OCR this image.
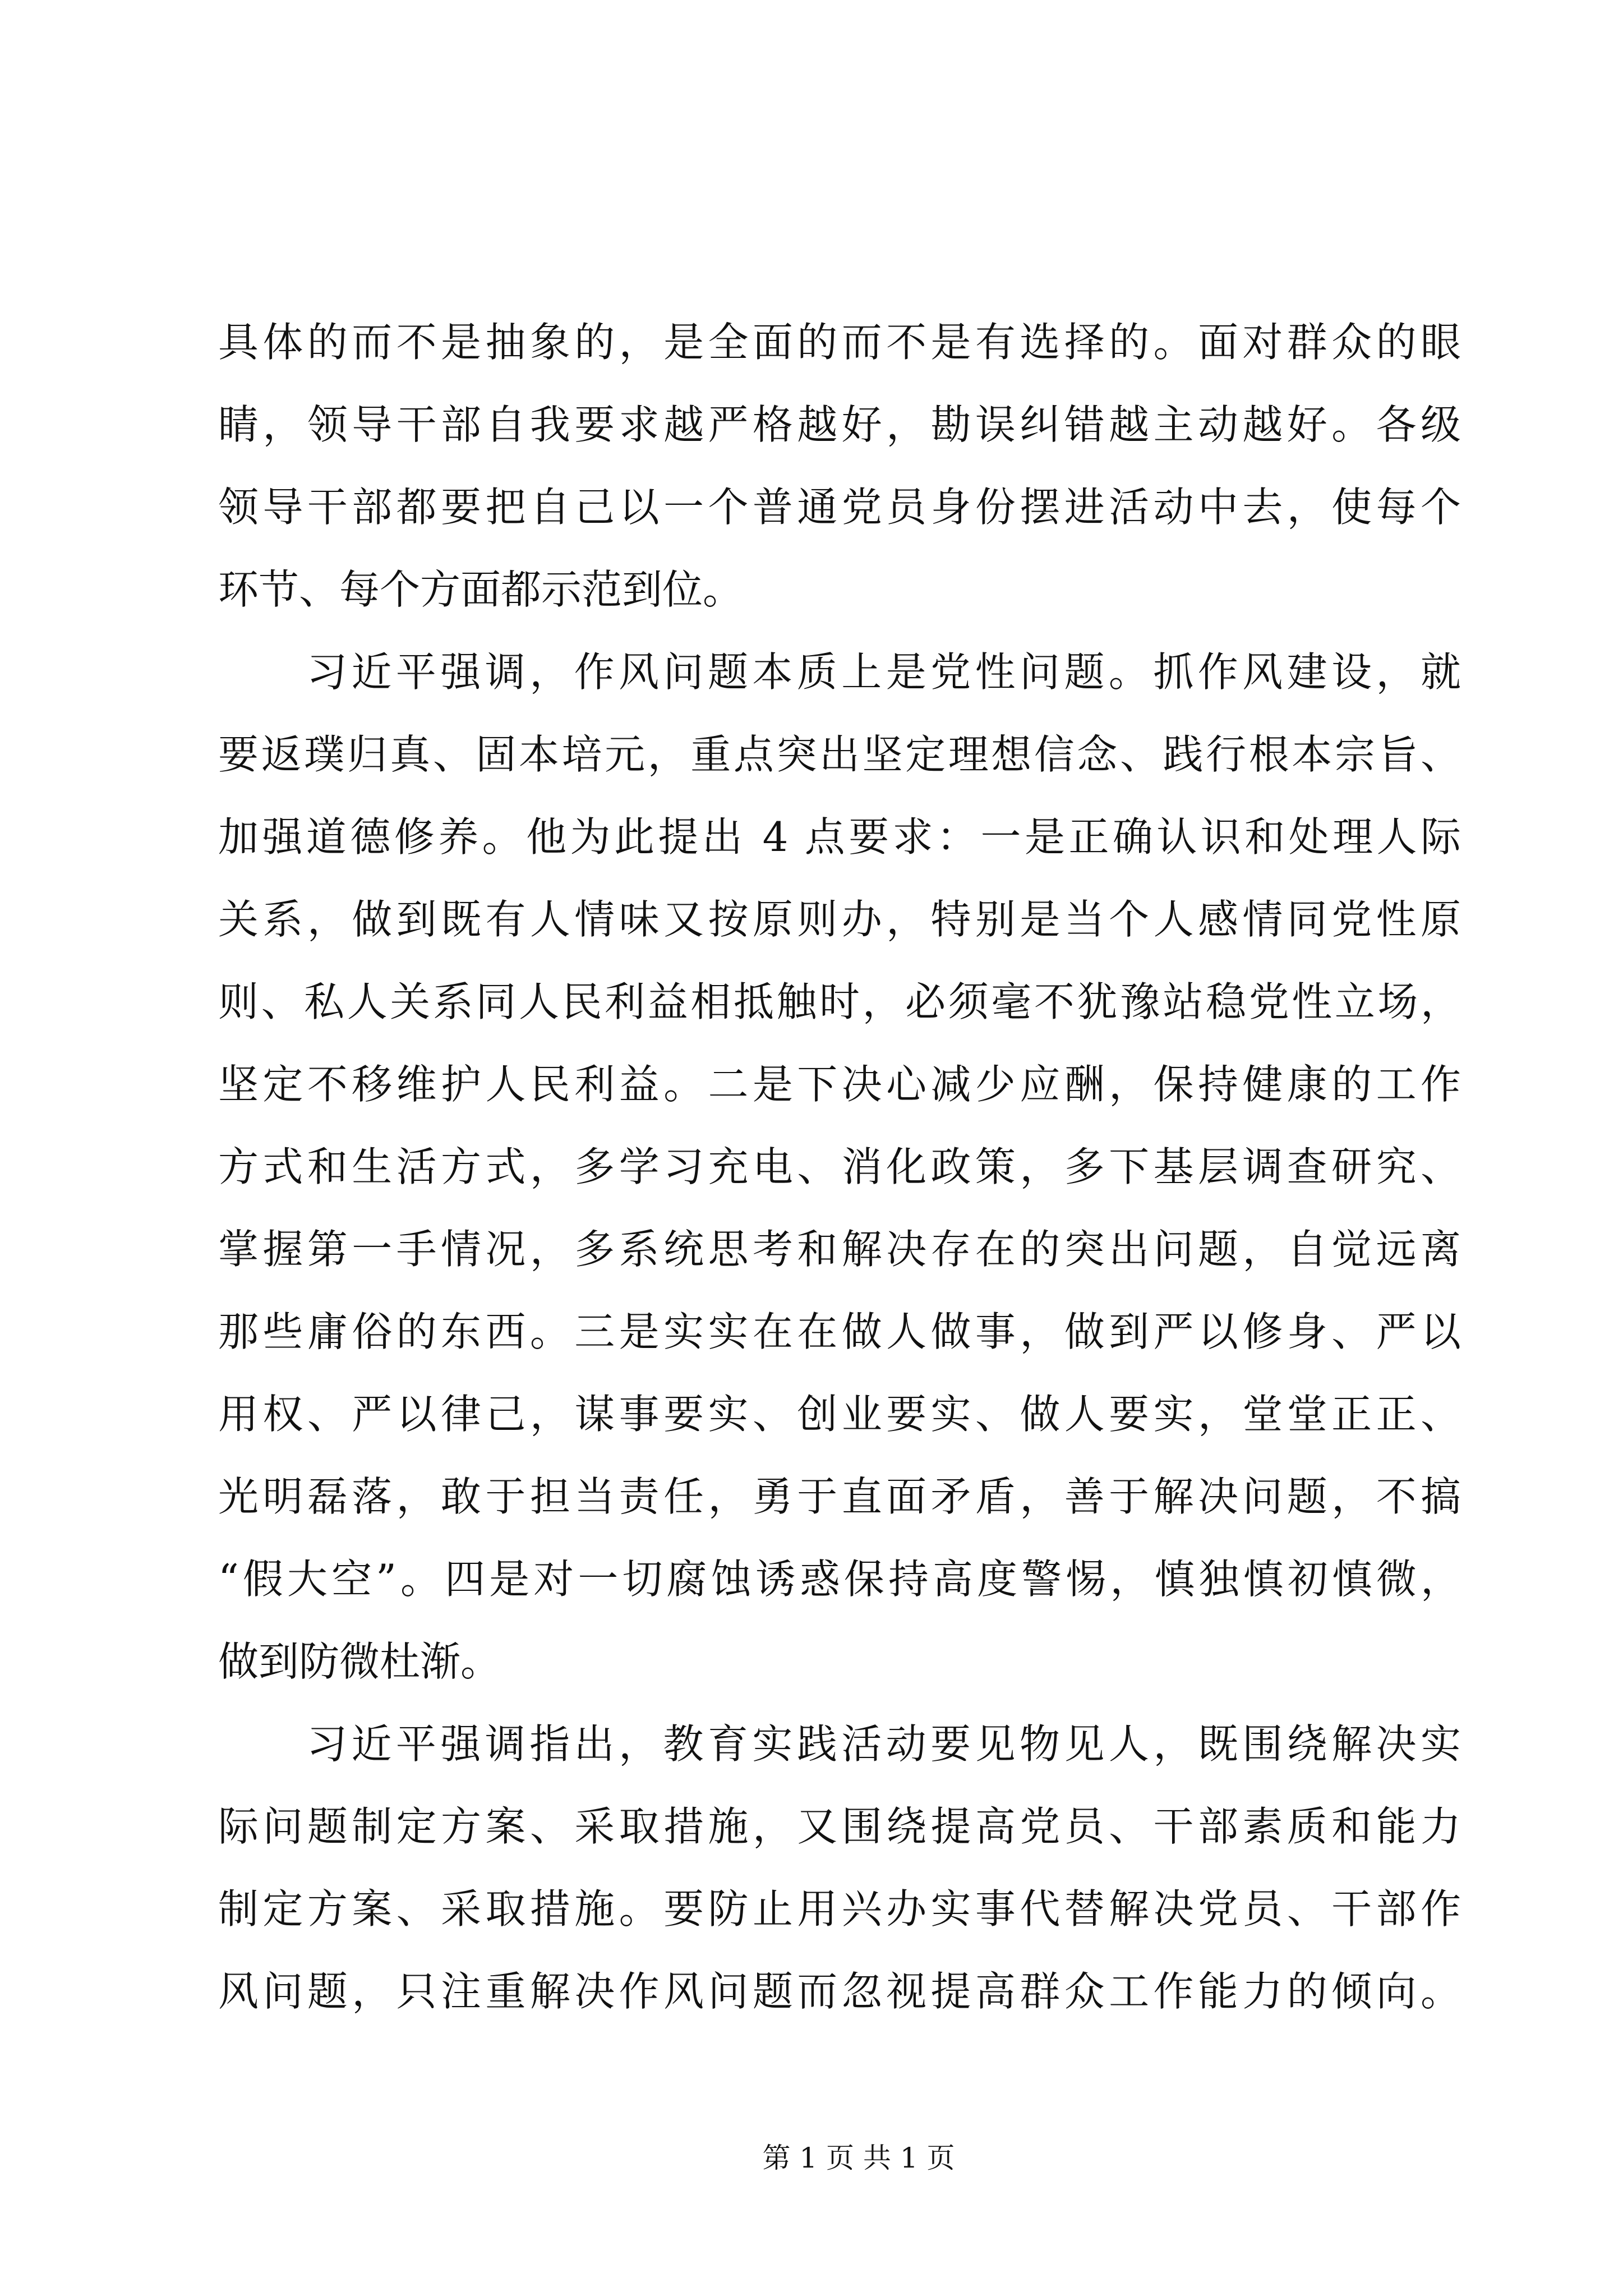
具体的而不是抽象的，是全面的而不是有选择的。面对群众的眼
睛，领导干部自我要求越严格越好，勘误纠错越主动越好。各级
领导干部都要把自己以一个普通党员身份摆进活动中去，使每个
环节、每个方面都示范到位。
习近平强调，作风问题本质上是党性问题。抓作风建设，就
要返璞归真、固本培元，重点突出坚定理想信念、践行根本宗旨、
加强道德修养。他为此提出 4 点要求：一是正确认识和处理人际
关系，做到既有人情味又按原则办，特别是当个人感情同党性原
则、私人关系同人民利益相抵触时，必须毫不犹豫站稳党性立场，
坚定不移维护人民利益。二是下决心减少应酬，保持健康的工作
方式和生活方式，多学习充电、消化政策，多下基层调查研究、
掌握第一手情况，多系统思考和解决存在的突出问题，自觉远离
那些庸俗的东西。三是实实在在做人做事，做到严以修身、严以
用权、严以律己，谋事要实、创业要实、做人要实，堂堂正正、
光明磊落，敢于担当责任，勇于直面矛盾，善于解决问题，不搞
“假大空”。四是对一切腐蚀诱惑保持高度警惕，慎独慎初慎微，
做到防微杜渐。
习近平强调指出，教育实践活动要见物见人，既围绕解决实
际问题制定方案、采取措施，又围绕提高党员、干部素质和能力
制定方案、采取措施。要防止用兴办实事代替解决党员、干部作
风问题，只注重解决作风问题而忽视提高群众工作能力的倾向。
第 1 页 共 1 页
